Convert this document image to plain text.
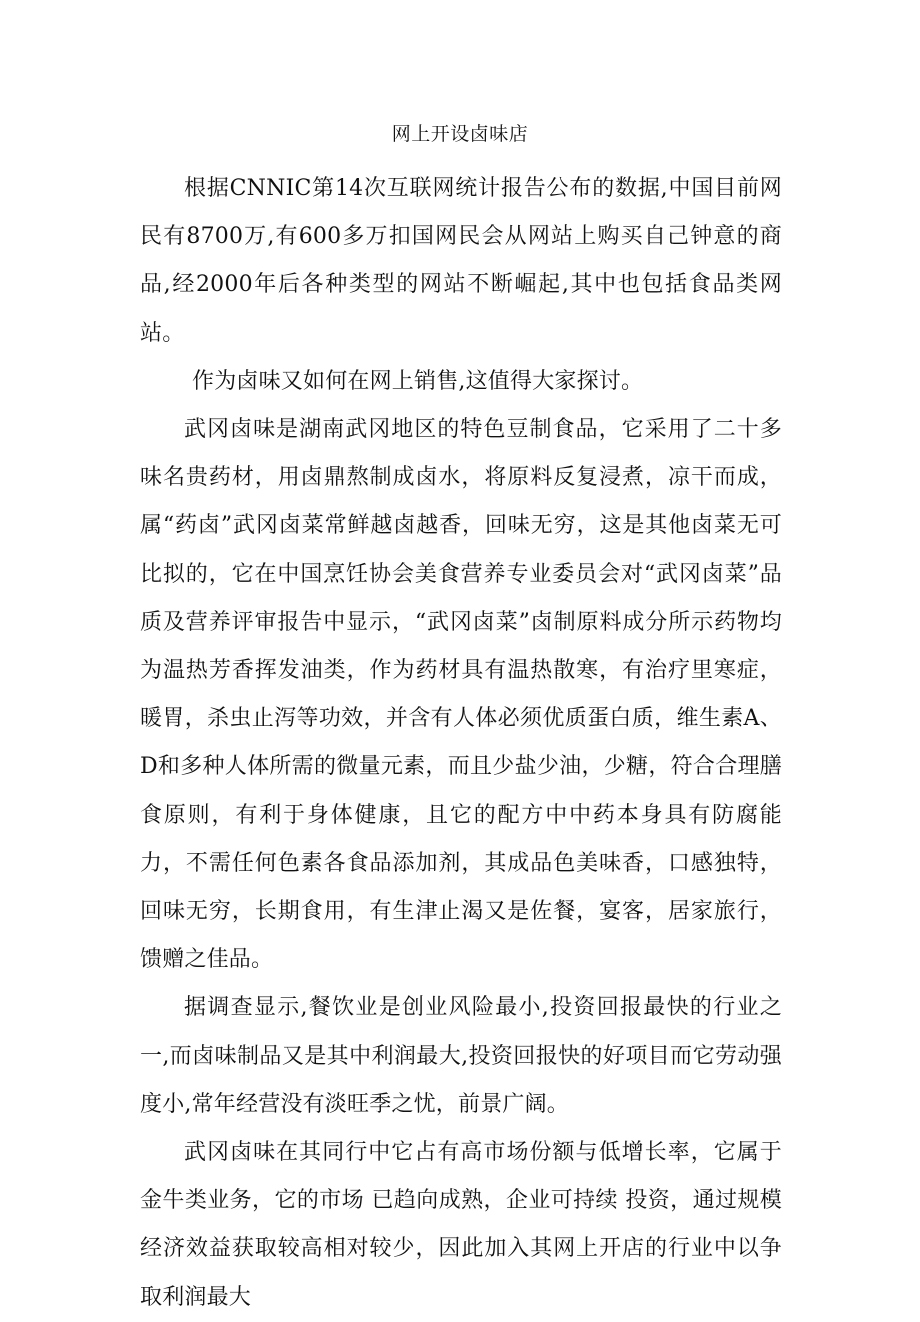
网上开设卤味店

根据CNNIC第14次互联网统计报告公布的数据,中国目前网民有8700万,有600多万扣国网民会从网站上购买自己钟意的商品,经2000年后各种类型的网站不断崛起,其中也包括食品类网站。

作为卤味又如何在网上销售,这值得大家探讨。

武冈卤味是湖南武冈地区的特色豆制食品，它采用了二十多味名贵药材，用卤鼎熬制成卤水，将原料反复浸煮，凉干而成，属“药卤”武冈卤菜常鲜越卤越香，回味无穷，这是其他卤菜无可比拟的，它在中国烹饪协会美食营养专业委员会对“武冈卤菜”品质及营养评审报告中显示，“武冈卤菜”卤制原料成分所示药物均为温热芳香挥发油类，作为药材具有温热散寒，有治疗里寒症，暖胃，杀虫止泻等功效，并含有人体必须优质蛋白质，维生素A、D和多种人体所需的微量元素，而且少盐少油，少糖，符合合理膳食原则，有利于身体健康，且它的配方中中药本身具有防腐能力，不需任何色素各食品添加剂，其成品色美味香，口感独特，回味无穷，长期食用，有生津止渴又是佐餐，宴客，居家旅行，馈赠之佳品。

据调查显示,餐饮业是创业风险最小,投资回报最快的行业之一,而卤味制品又是其中利润最大,投资回报快的好项目而它劳动强度小,常年经营没有淡旺季之忧，前景广阔。

武冈卤味在其同行中它占有高市场份额与低增长率，它属于金牛类业务，它的市场 已趋向成熟，企业可持续 投资，通过规模经济效益获取较高相对较少，因此加入其网上开店的行业中以争取利润最大
